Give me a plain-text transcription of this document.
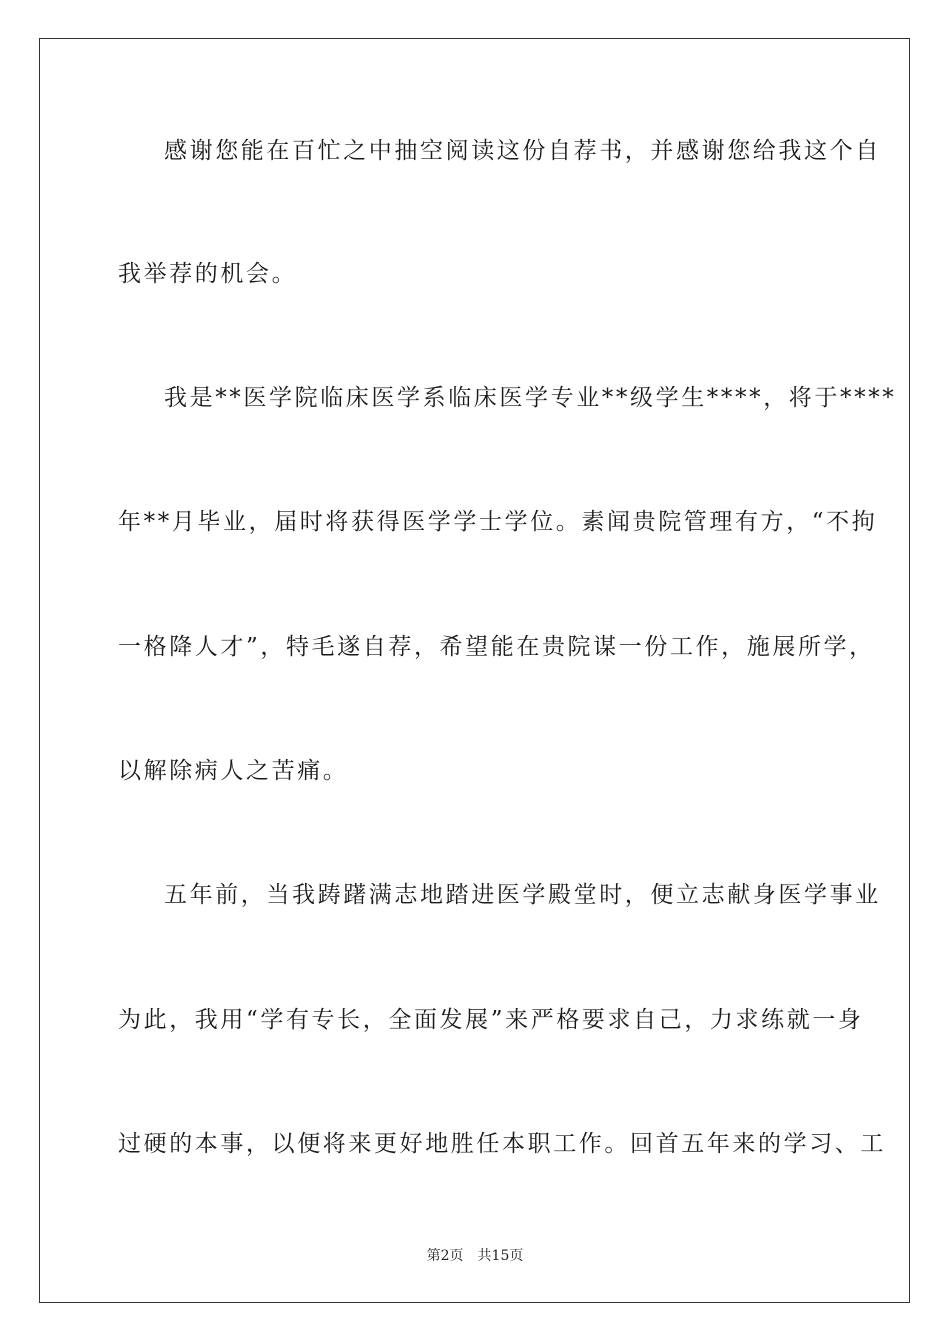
感谢您能在百忙之中抽空阅读这份自荐书，并感谢您给我这个自
我举荐的机会。
我是**医学院临床医学系临床医学专业**级学生****，将于****
年**月毕业，届时将获得医学学士学位。素闻贵院管理有方，“不拘
一格降人才”，特毛遂自荐，希望能在贵院谋一份工作，施展所学，
以解除病人之苦痛。
五年前，当我踌躇满志地踏进医学殿堂时，便立志献身医学事业
为此，我用“学有专长，全面发展”来严格要求自己，力求练就一身
过硬的本事，以便将来更好地胜任本职工作。回首五年来的学习、工
第2页 共15页
